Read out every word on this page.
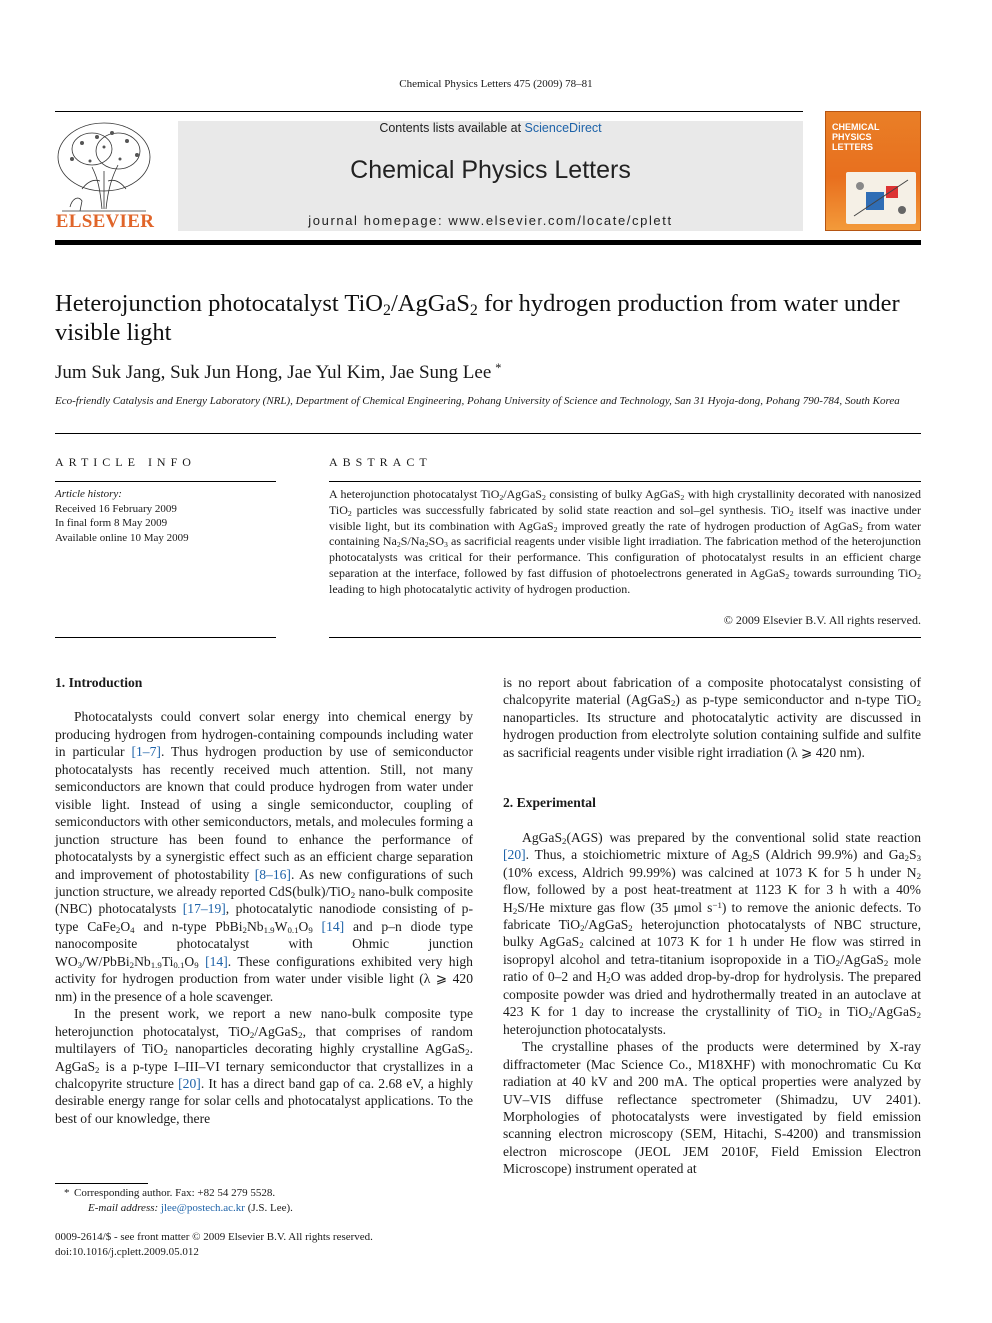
Chemical Physics Letters 475 (2009) 78–81
ELSEVIER
Contents lists available at ScienceDirect
Chemical Physics Letters
journal homepage: www.elsevier.com/locate/cplett
CHEMICAL
PHYSICS
LETTERS
Heterojunction photocatalyst TiO$_2$/AgGaS$_2$ for hydrogen production from water under visible light
Jum Suk Jang, Suk Jun Hong, Jae Yul Kim, Jae Sung Lee *
Eco-friendly Catalysis and Energy Laboratory (NRL), Department of Chemical Engineering, Pohang University of Science and Technology, San 31 Hyoja-dong, Pohang 790-784, South Korea
ARTICLE INFO
Article history:
Received 16 February 2009
In final form 8 May 2009
Available online 10 May 2009
ABSTRACT
A heterojunction photocatalyst TiO$_2$/AgGaS$_2$ consisting of bulky AgGaS$_2$ with high crystallinity decorated with nanosized TiO$_2$ particles was successfully fabricated by solid state reaction and sol–gel synthesis. TiO$_2$ itself was inactive under visible light, but its combination with AgGaS$_2$ improved greatly the rate of hydrogen production of AgGaS$_2$ from water containing $Na_2S/Na_2SO_3$ as sacrificial reagents under visible light irradiation. The fabrication method of the heterojunction photocatalysts was critical for their performance. This configuration of photocatalyst results in an efficient charge separation at the interface, followed by fast diffusion of photoelectrons generated in AgGaS$_2$ towards surrounding TiO$_2$ leading to high photocatalytic activity of hydrogen production.
© 2009 Elsevier B.V. All rights reserved.
1. Introduction

Photocatalysts could convert solar energy into chemical energy by producing hydrogen from hydrogen-containing compounds including water in particular [1–7]. Thus hydrogen production by use of semiconductor photocatalysts has recently received much attention. Still, not many semiconductors are known that could produce hydrogen from water under visible light. Instead of using a single semiconductor, coupling of semiconductors with other semiconductors, metals, and molecules forming a junction structure has been found to enhance the performance of photocatalysts by a synergistic effect such as an efficient charge separation and improvement of photostability [8–16]. As new configurations of such junction structure, we already reported CdS(bulk)/TiO$_2$ nano-bulk composite (NBC) photocatalysts [17–19], photocatalytic nanodiode consisting of p-type $CaFe_2O_4$ and n-type $PbBi_2Nb_{1.9}W_{0.1}O_9$ [14] and p–n diode type nanocomposite photocatalyst with Ohmic junction $WO_3/W/PbBi_2Nb_{1.9}Ti_{0.1}O_9$ [14]. These configurations exhibited very high activity for hydrogen production from water under visible light (λ ⩾ 420 nm) in the presence of a hole scavenger.

In the present work, we report a new nano-bulk composite type heterojunction photocatalyst, TiO$_2$/AgGaS$_2$, that comprises of random multilayers of TiO$_2$ nanoparticles decorating highly crystalline AgGaS$_2$. AgGaS$_2$ is a p-type I–III–VI ternary semiconductor that crystallizes in a chalcopyrite structure [20]. It has a direct band gap of ca. 2.68 eV, a highly desirable energy range for solar cells and photocatalyst applications. To the best of our knowledge, there

is no report about fabrication of a composite photocatalyst consisting of chalcopyrite material (AgGaS$_2$) as p-type semiconductor and n-type TiO$_2$ nanoparticles. Its structure and photocatalytic activity are discussed in hydrogen production from electrolyte solution containing sulfide and sulfite as sacrificial reagents under visible right irradiation (λ ⩾ 420 nm).

2. Experimental

AgGaS$_2$(AGS) was prepared by the conventional solid state reaction [20]. Thus, a stoichiometric mixture of $Ag_2S$ (Aldrich 99.9%) and $Ga_2S_3$ (10% excess, Aldrich 99.99%) was calcined at 1073 K for 5 h under $N_2$ flow, followed by a post heat-treatment at 1123 K for 3 h with a 40% $H_2S/He$ mixture gas flow (35 μmol $s^{-1}$) to remove the anionic defects. To fabricate TiO$_2$/AgGaS$_2$ heterojunction photocatalysts of NBC structure, bulky AgGaS$_2$ calcined at 1073 K for 1 h under He flow was stirred in isopropyl alcohol and tetra-titanium isopropoxide in a TiO$_2$/AgGaS$_2$ mole ratio of 0–2 and $H_2O$ was added drop-by-drop for hydrolysis. The prepared composite powder was dried and hydrothermally treated in an autoclave at 423 K for 1 day to increase the crystallinity of TiO$_2$ in TiO$_2$/AgGaS$_2$ heterojunction photocatalysts.

The crystalline phases of the products were determined by X-ray diffractometer (Mac Science Co., M18XHF) with monochromatic Cu Kα radiation at 40 kV and 200 mA. The optical properties were analyzed by UV–VIS diffuse reflectance spectrometer (Shimadzu, UV 2401). Morphologies of photocatalysts were investigated by field emission scanning electron microscopy (SEM, Hitachi, S-4200) and transmission electron microscope (JEOL JEM 2010F, Field Emission Electron Microscope) instrument operated at

* Corresponding author. Fax: +82 54 279 5528.
E-mail address: jlee@postech.ac.kr (J.S. Lee).
0009-2614/$ - see front matter © 2009 Elsevier B.V. All rights reserved.
doi:10.1016/j.cplett.2009.05.012
